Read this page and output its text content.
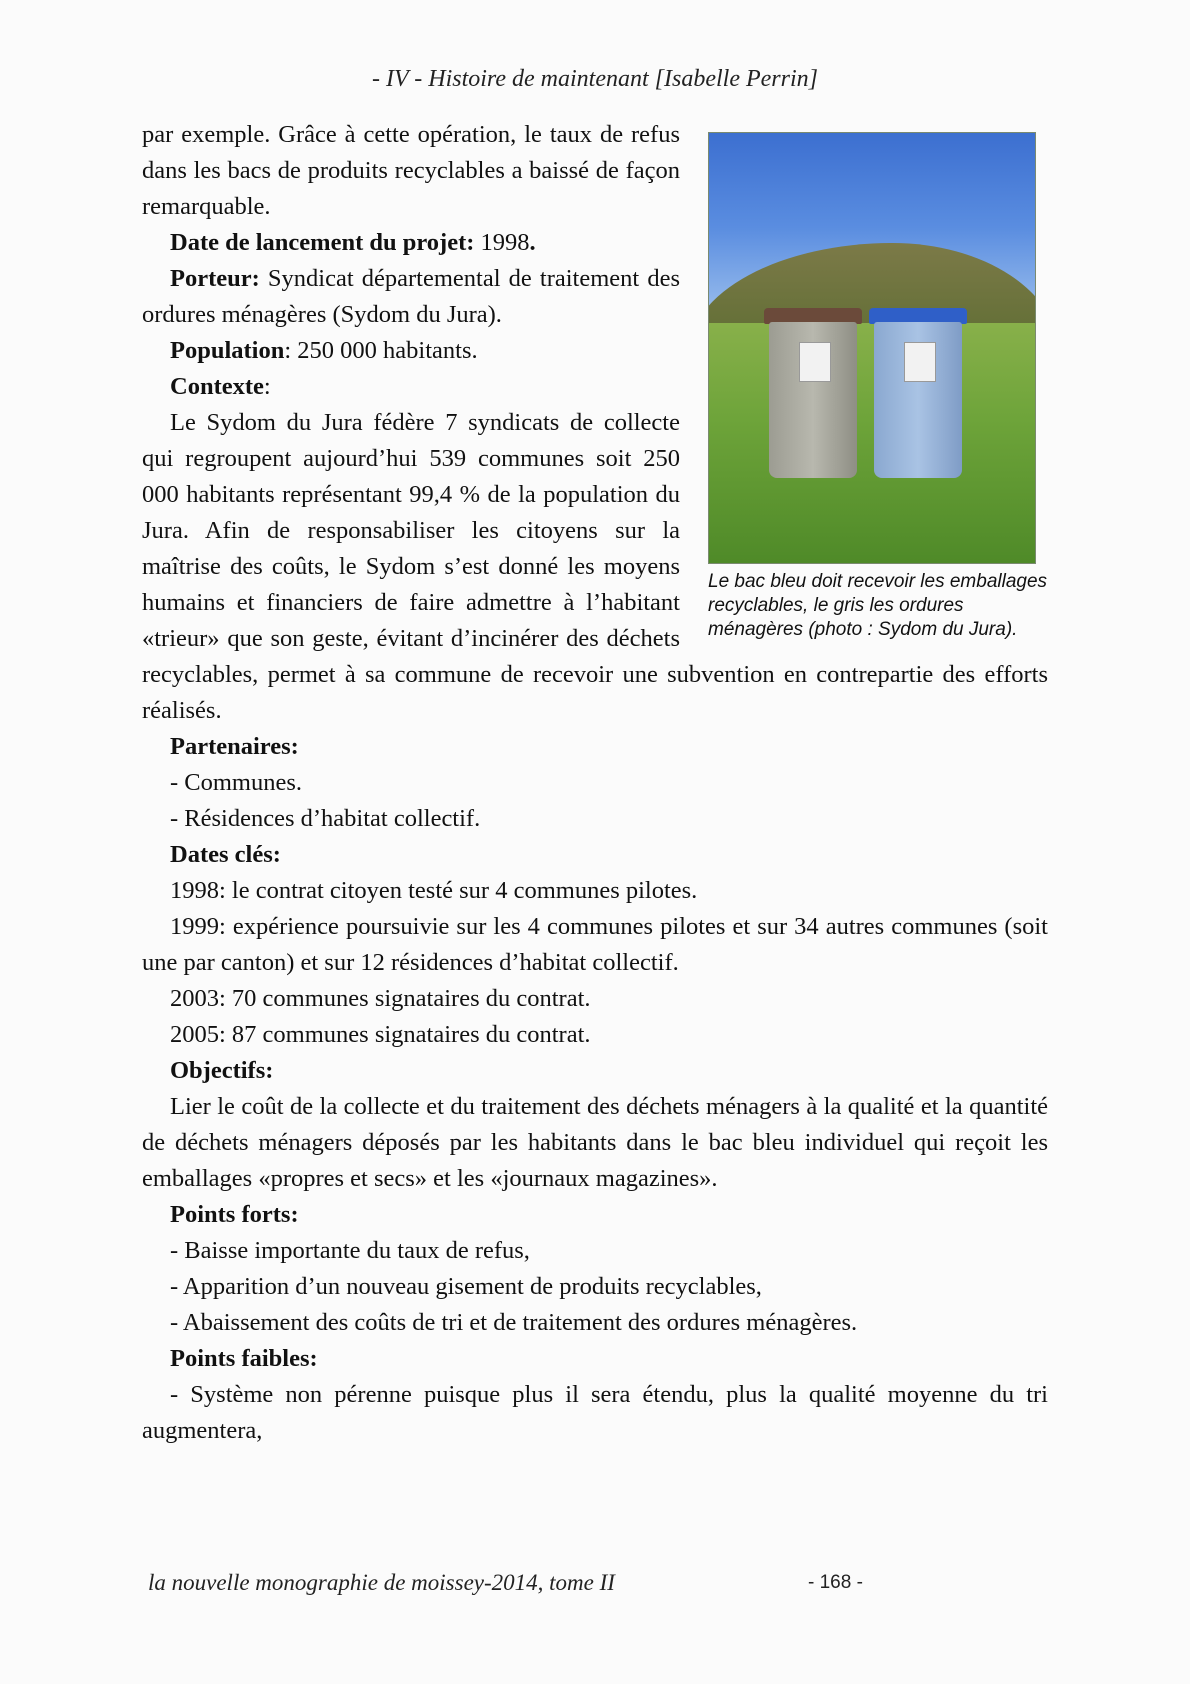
- IV - Histoire de maintenant [Isabelle Perrin]
Le bac bleu doit recevoir les emballages recyclables, le gris les ordures ménagères (photo : Sydom du Jura).

par exemple. Grâce à cette opération, le taux de refus dans les bacs de produits recyclables a baissé de façon remarquable.

Date de lancement du projet: 1998.

Porteur: Syndicat départemental de traitement des ordures ménagères (Sydom du Jura).

Population: 250 000 habitants.

Contexte:

Le Sydom du Jura fédère 7 syndicats de collecte qui regroupent aujourd’hui 539 communes soit 250 000 habitants représentant 99,4 % de la population du Jura. Afin de responsabiliser les citoyens sur la maîtrise des coûts, le Sydom s’est donné les moyens humains et financiers de faire admettre à l’habitant «trieur» que son geste, évitant d’incinérer des déchets recyclables, permet à sa commune de recevoir une subvention en contrepartie des efforts réalisés.

Partenaires:

- Communes.

- Résidences d’habitat collectif.

Dates clés:

1998: le contrat citoyen testé sur 4 communes pilotes.

1999: expérience poursuivie sur les 4 communes pilotes et sur 34 autres communes (soit une par canton) et sur 12 résidences d’habitat collectif.

2003: 70 communes signataires du contrat.

2005: 87 communes signataires du contrat.

Objectifs:

Lier le coût de la collecte et du traitement des déchets ménagers à la qualité et la quantité de déchets ménagers déposés par les habitants dans le bac bleu individuel qui reçoit les emballages «propres et secs» et les «journaux magazines».

Points forts:

- Baisse importante du taux de refus,

- Apparition d’un nouveau gisement de produits recyclables,

- Abaissement des coûts de tri et de traitement des ordures ménagères.

Points faibles:

- Système non pérenne puisque plus il sera étendu, plus la qualité moyenne du tri augmentera,

la nouvelle monographie de moissey-2014, tome II	- 168 -
